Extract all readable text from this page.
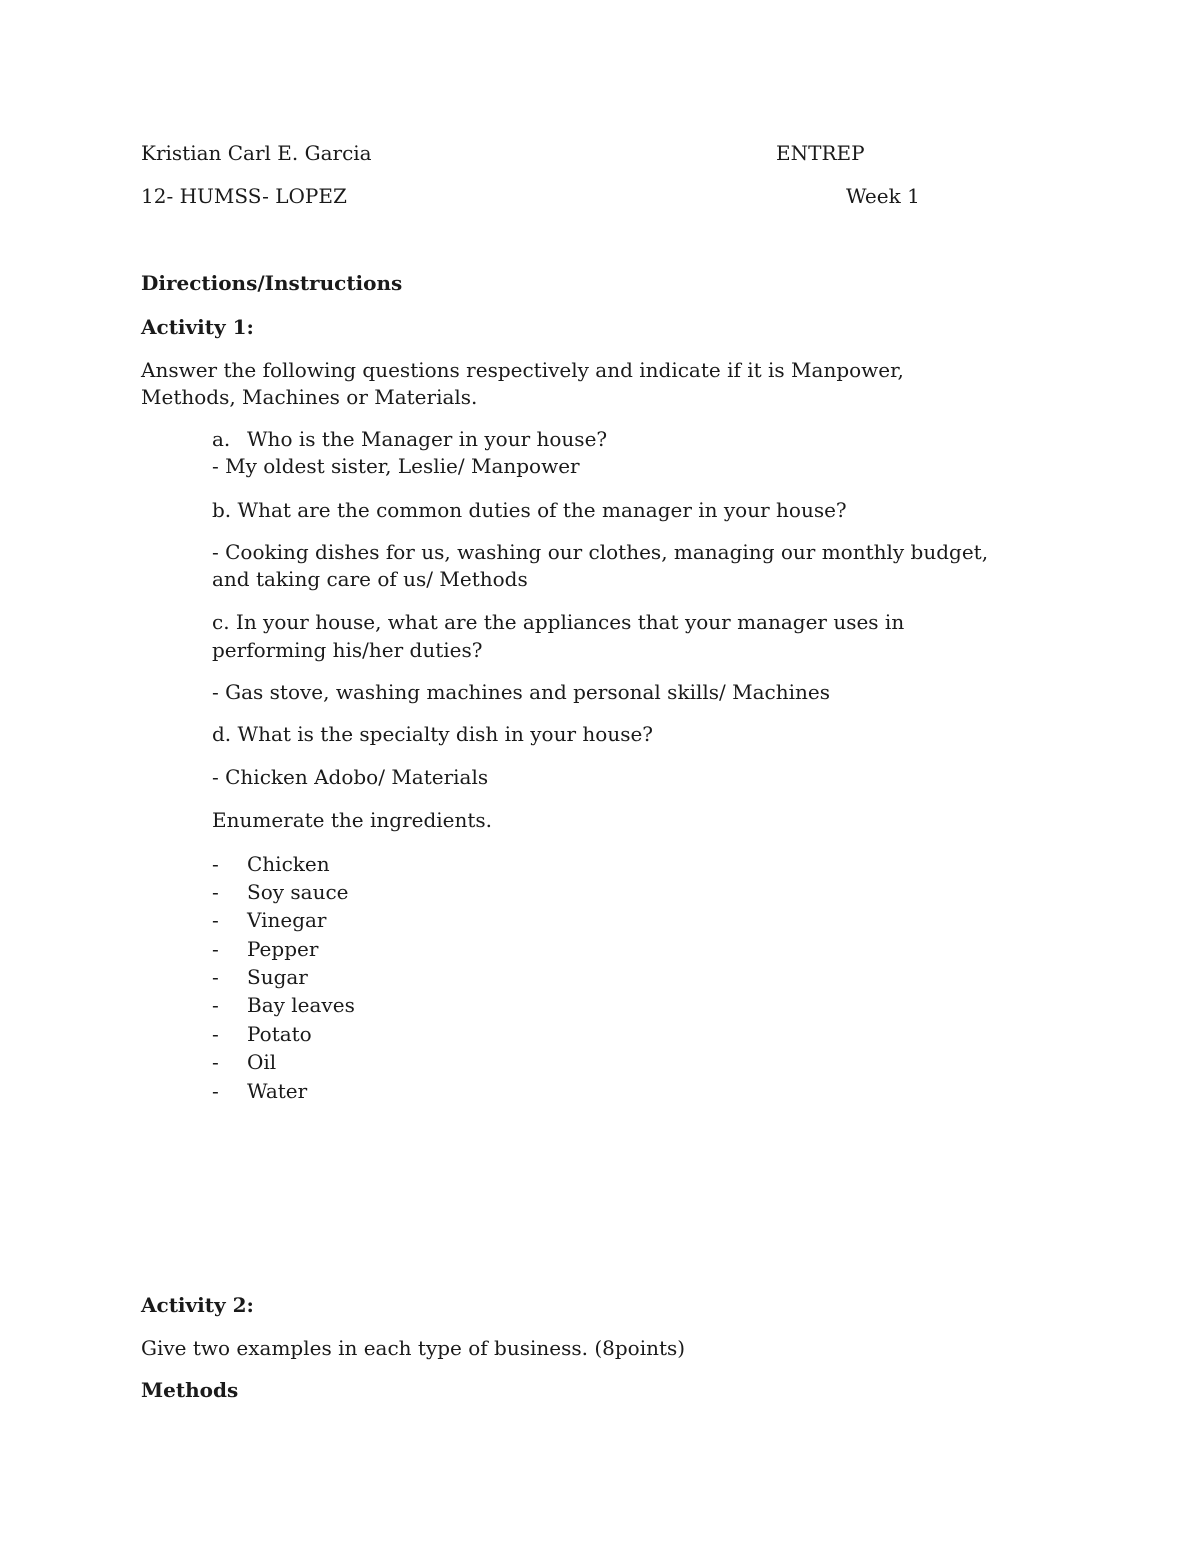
Kristian Carl E. Garcia	ENTREP
12- HUMSS- LOPEZ	Week 1
Directions/Instructions
Activity 1:
Answer the following questions respectively and indicate if it is Manpower,
Methods, Machines or Materials.
a. Who is the Manager in your house?
- My oldest sister, Leslie/ Manpower
b. What are the common duties of the manager in your house?
- Cooking dishes for us, washing our clothes, managing our monthly budget,
and taking care of us/ Methods
c. In your house, what are the appliances that your manager uses in
performing his/her duties?
- Gas stove, washing machines and personal skills/ Machines
d. What is the specialty dish in your house?
- Chicken Adobo/ Materials
Enumerate the ingredients.
- Chicken
- Soy sauce
- Vinegar
- Pepper
- Sugar
- Bay leaves
- Potato
- Oil
- Water
Activity 2:
Give two examples in each type of business. (8points)
Methods
